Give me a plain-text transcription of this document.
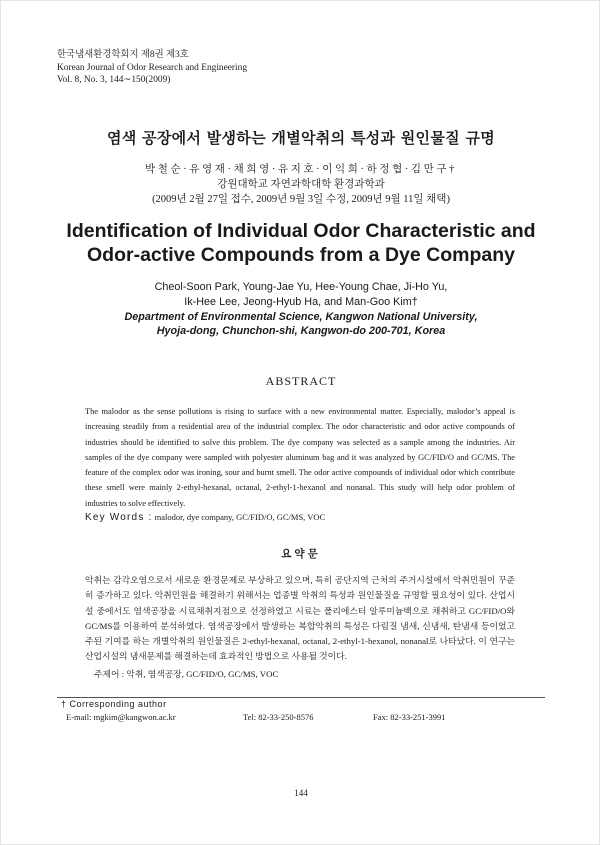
한국냄새환경학회지 제8권 제3호
Korean Journal of Odor Research and Engineering
Vol. 8, No. 3, 144∼150(2009)
염색 공장에서 발생하는 개별악취의 특성과 원인물질 규명
박철순·유영재·채희영·유지호·이익희·하정협·김만구†
강원대학교 자연과학대학 환경과학과
(2009년 2월 27일 접수, 2009년 9월 3일 수정, 2009년 9월 11일 채택)
Identification of Individual Odor Characteristic and
Odor-active Compounds from a Dye Company
Cheol-Soon Park, Young-Jae Yu, Hee-Young Chae, Ji-Ho Yu,
Ik-Hee Lee, Jeong-Hyub Ha, and Man-Goo Kim†
Department of Environmental Science, Kangwon National University,
Hyoja-dong, Chunchon-shi, Kangwon-do 200-701, Korea
ABSTRACT
The malodor as the sense pollutions is rising to surface with a new environmental matter. Especially, malodor’s appeal is increasing steadily from a residential area of the industrial complex. The odor characteristic and odor active compounds of industries should be identified to solve this problem. The dye company was selected as a sample among the industries. Air samples of the dye company were sampled with polyester aluminum bag and it was analyzed by GC/FID/O and GC/MS. The feature of the complex odor was ironing, sour and burnt smell. The odor active compounds of individual odor which contribute these smell were mainly 2-ethyl-hexanal, octanal, 2-ethyl-1-hexanol and nonanal. This study will help odor problem of industries to solve effectively.
Key Words : malodor, dye company, GC/FID/O, GC/MS, VOC
요약문
악취는 감각오염으로서 새로운 환경문제로 부상하고 있으며, 특히 공단지역 근처의 주거시설에서 악취민원이 꾸준히 증가하고 있다. 악취민원을 해결하기 위해서는 업종별 악취의 특성과 원인물질을 규명할 필요성이 있다. 산업시설 중에서도 염색공장을 시료채취지점으로 선정하였고 시료는 폴리에스터 알루미늄백으로 채취하고 GC/FID/O와 GC/MS를 이용하여 분석하였다. 염색공장에서 발생하는 복합악취의 특성은 다림질 냄새, 신냄새, 탄냄새 등이었고 주된 기여를 하는 개별악취의 원인물질은 2-ethyl-hexanal, octanal, 2-ethyl-1-hexanol, nonanal로 나타났다. 이 연구는 산업시설의 냄새문제를 해결하는데 효과적인 방법으로 사용될 것이다.
주제어 : 악취, 염색공장, GC/FID/O, GC/MS, VOC
† Corresponding author
E-mail: mgkim@kangwon.ac.kr	Tel: 82-33-250-8576	Fax: 82-33-251-3991
144
